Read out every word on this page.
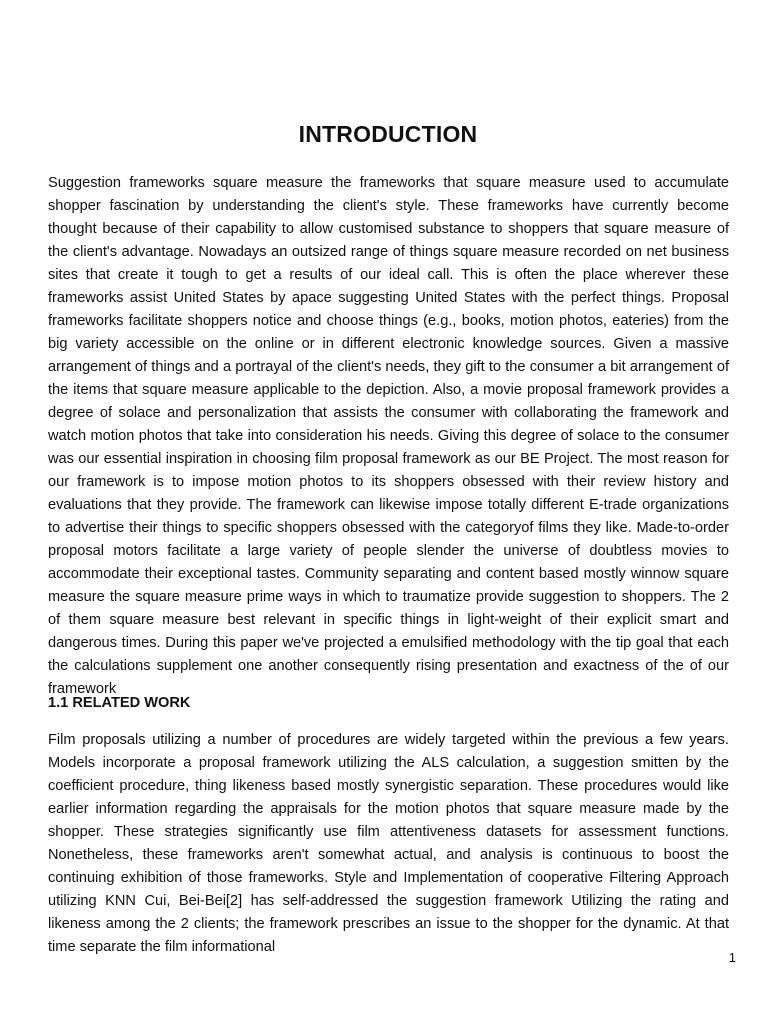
INTRODUCTION

Suggestion frameworks square measure the frameworks that square measure used to accumulate shopper fascination by understanding the client's style. These frameworks have currently become thought because of their capability to allow customised substance to shoppers that square measure of the client's advantage. Nowadays an outsized range of things square measure recorded on net business sites that create it tough to get a results of our ideal call. This is often the place wherever these frameworks assist United States by apace suggesting United States with the perfect things. Proposal frameworks facilitate shoppers notice and choose things (e.g., books, motion photos, eateries) from the big variety accessible on the online or in different electronic knowledge sources. Given a massive arrangement of things and a portrayal of the client's needs, they gift to the consumer a bit arrangement of the items that square measure applicable to the depiction. Also, a movie proposal framework provides a degree of solace and personalization that assists the consumer with collaborating the framework and watch motion photos that take into consideration his needs. Giving this degree of solace to the consumer was our essential inspiration in choosing film proposal framework as our BE Project. The most reason for our framework is to impose motion photos to its shoppers obsessed with their review history and evaluations that they provide. The framework can likewise impose totally different E-trade organizations to advertise their things to specific shoppers obsessed with the categoryof films they like. Made-to-order proposal motors facilitate a large variety of people slender the universe of doubtless movies to accommodate their exceptional tastes. Community separating and content based mostly winnow square measure the square measure prime ways in which to traumatize provide suggestion to shoppers. The 2 of them square measure best relevant in specific things in light-weight of their explicit smart and dangerous times. During this paper we've projected a emulsified methodology with the tip goal that each the calculations supplement one another consequently rising presentation and exactness of the of our framework

1.1 RELATED WORK

Film proposals utilizing a number of procedures are widely targeted within the previous a few years. Models incorporate a proposal framework utilizing the ALS calculation, a suggestion smitten by the coefficient procedure, thing likeness based mostly synergistic separation. These procedures would like earlier information regarding the appraisals for the motion photos that square measure made by the shopper. These strategies significantly use film attentiveness datasets for assessment functions. Nonetheless, these frameworks aren't somewhat actual, and analysis is continuous to boost the continuing exhibition of those frameworks. Style and Implementation of cooperative Filtering Approach utilizing KNN Cui, Bei-Bei[2] has self-addressed the suggestion framework Utilizing the rating and likeness among the 2 clients; the framework prescribes an issue to the shopper for the dynamic. At that time separate the film informational

1
